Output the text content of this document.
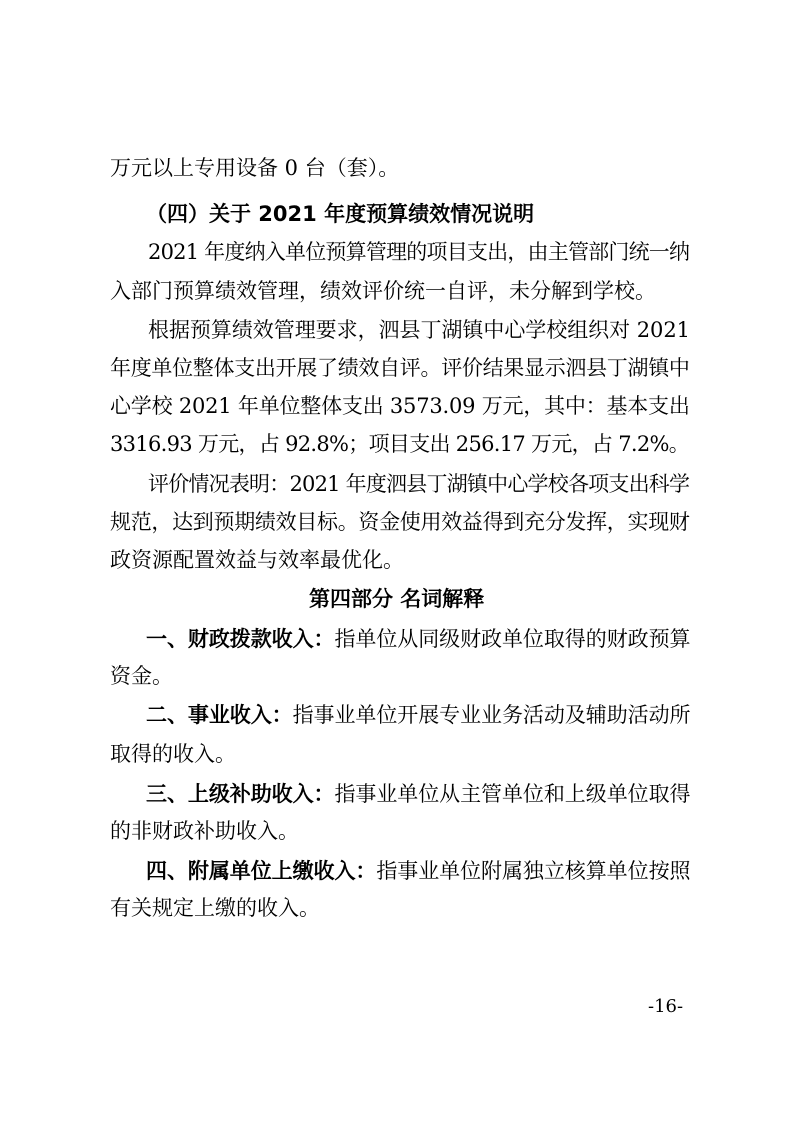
万元以上专用设备 0 台（套）。
（四）关于 2021 年度预算绩效情况说明
2021 年度纳入单位预算管理的项目支出，由主管部门统一纳
入部门预算绩效管理，绩效评价统一自评，未分解到学校。
根据预算绩效管理要求，泗县丁湖镇中心学校组织对 2021
年度单位整体支出开展了绩效自评。评价结果显示泗县丁湖镇中
心学校 2021 年单位整体支出 3573.09 万元，其中：基本支出
3316.93 万元，占 92.8%；项目支出 256.17 万元，占 7.2%。
评价情况表明：2021 年度泗县丁湖镇中心学校各项支出科学
规范，达到预期绩效目标。资金使用效益得到充分发挥，实现财
政资源配置效益与效率最优化。
第四部分 名词解释
一、财政拨款收入：指单位从同级财政单位取得的财政预算
资金。
二、事业收入：指事业单位开展专业业务活动及辅助活动所
取得的收入。
三、上级补助收入：指事业单位从主管单位和上级单位取得
的非财政补助收入。
四、附属单位上缴收入：指事业单位附属独立核算单位按照
有关规定上缴的收入。
-16-
